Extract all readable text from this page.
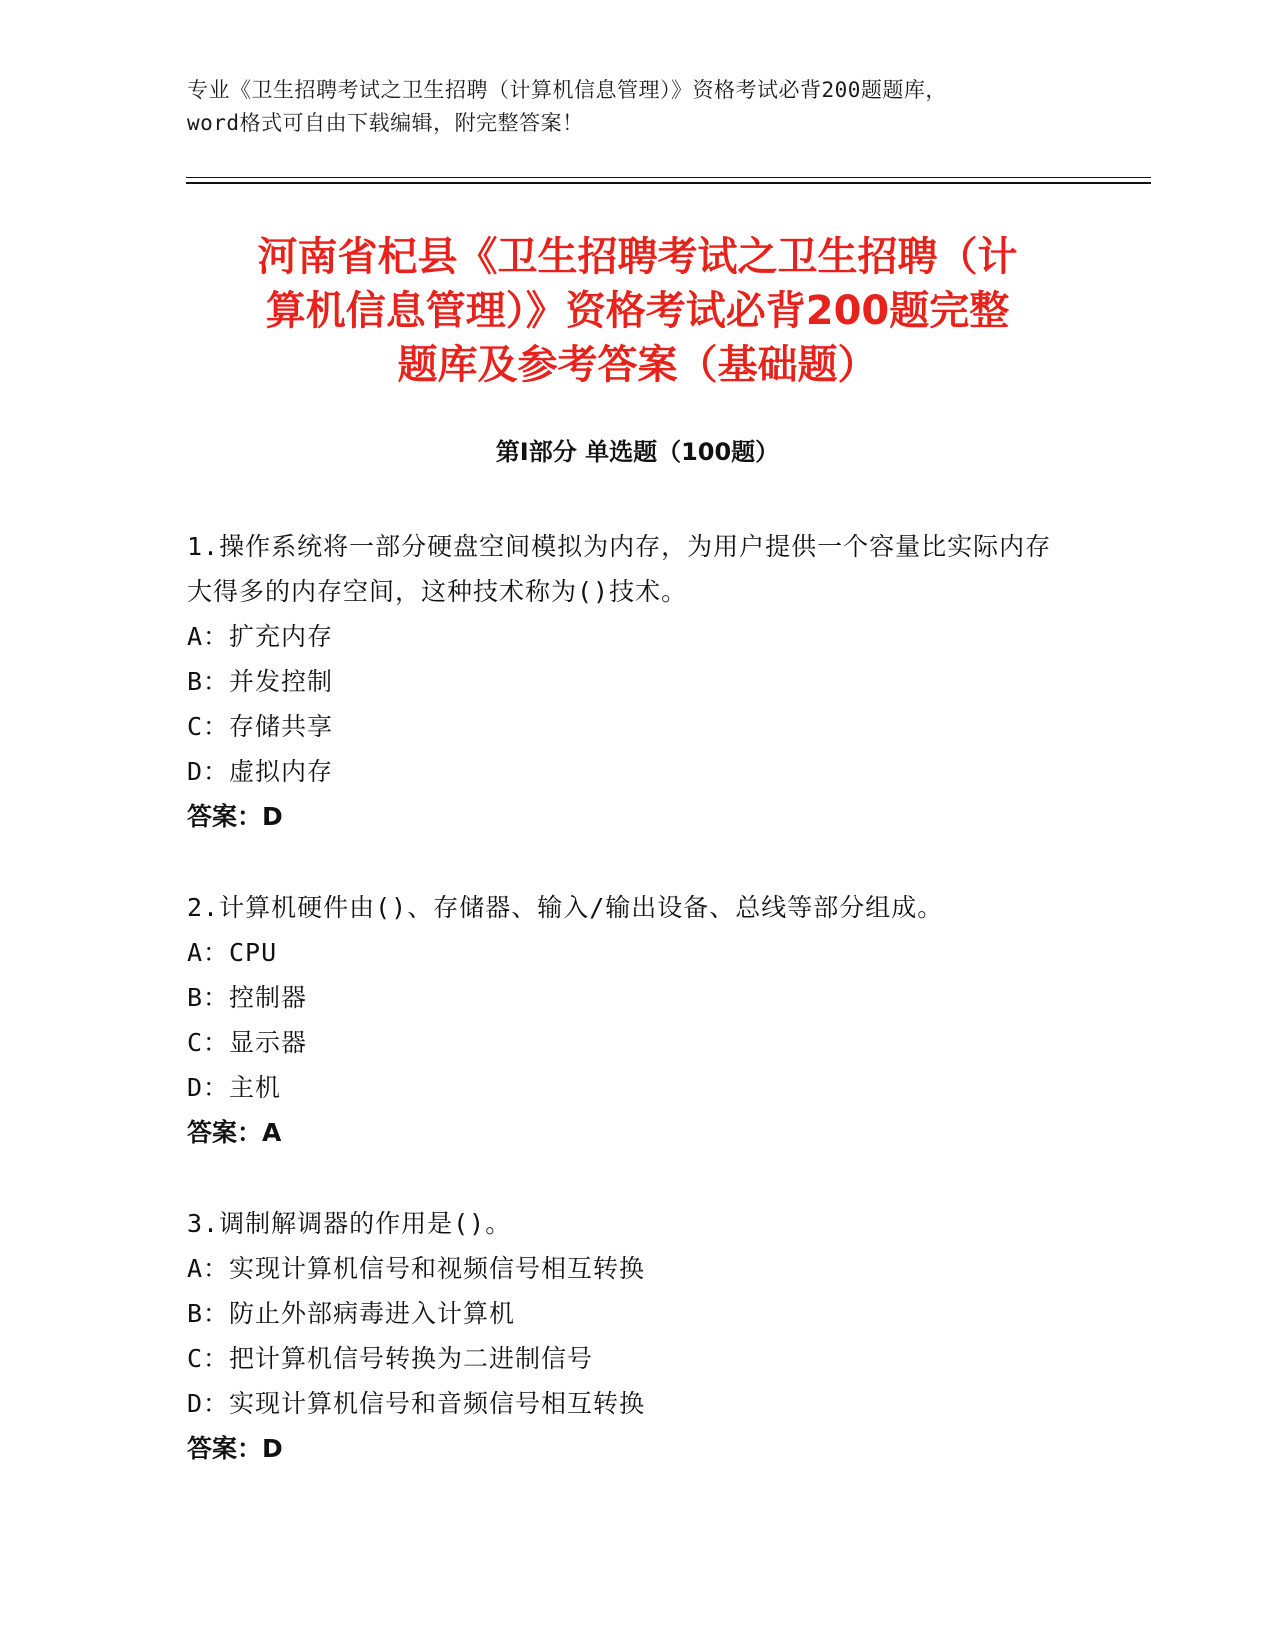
专业《卫生招聘考试之卫生招聘（计算机信息管理）》资格考试必背200题题库，
word格式可自由下载编辑，附完整答案！
河南省杞县《卫生招聘考试之卫生招聘（计
算机信息管理）》资格考试必背200题完整
题库及参考答案（基础题）
第Ⅰ部分 单选题（100题）

1.操作系统将一部分硬盘空间模拟为内存，为用户提供一个容量比实际内存大得多的内存空间，这种技术称为()技术。

A：扩充内存

B：并发控制

C：存储共享

D：虚拟内存

答案：D

2.计算机硬件由()、存储器、输入/输出设备、总线等部分组成。

A：CPU

B：控制器

C：显示器

D：主机

答案：A

3.调制解调器的作用是()。

A：实现计算机信号和视频信号相互转换

B：防止外部病毒进入计算机

C：把计算机信号转换为二进制信号

D：实现计算机信号和音频信号相互转换

答案：D
